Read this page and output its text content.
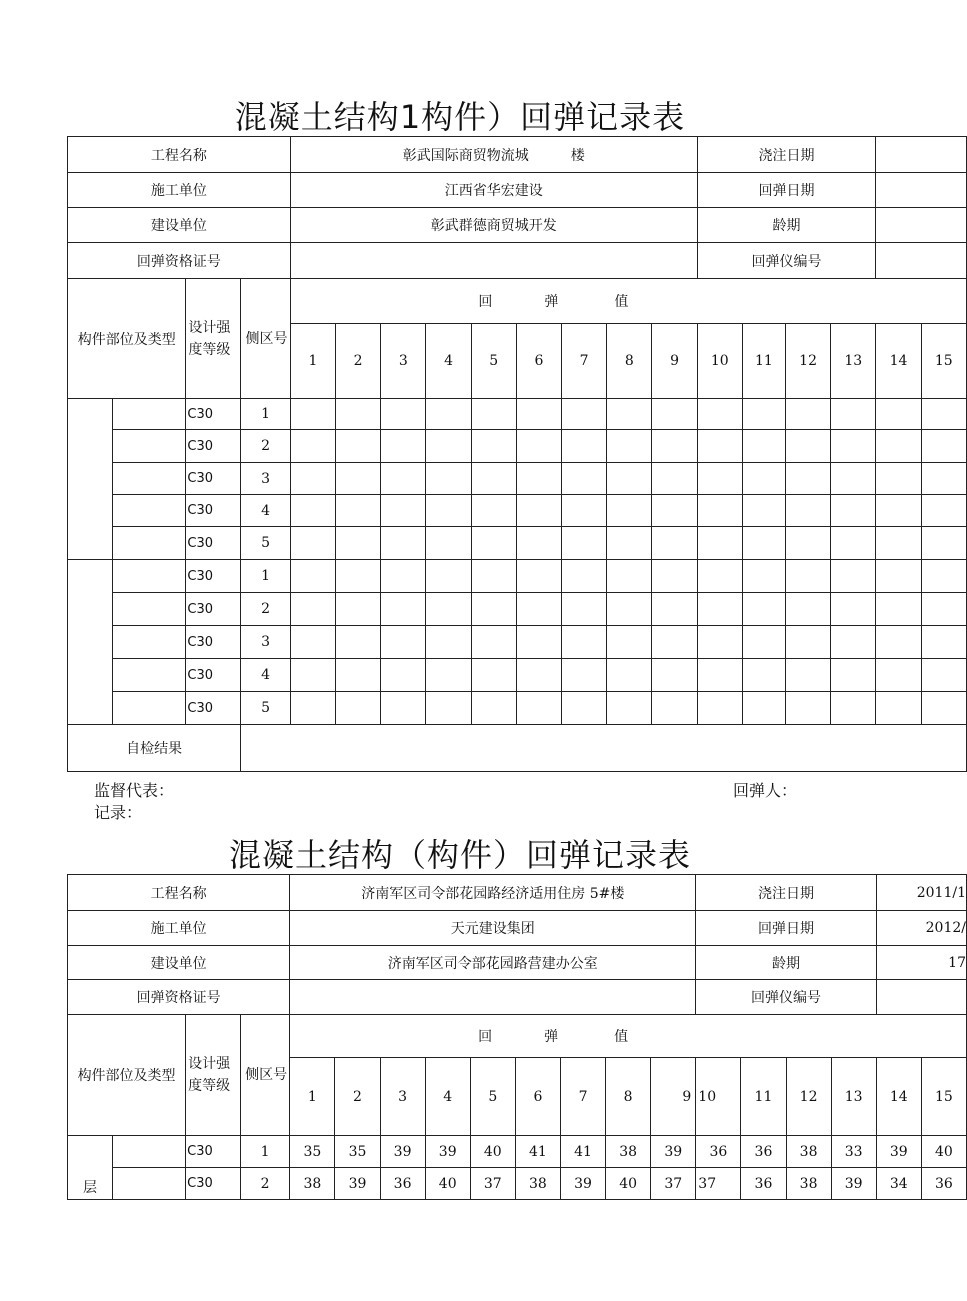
混凝土结构1构件）回弹记录表
工程名称				彰武国际商贸物流城　　　楼									浇注日期					
施工单位				江西省华宏建设									回弹日期					
建设单位				彰武群德商贸城开发									龄期					
回弹资格证号													回弹仪编号					
构件部位及类型		设计强度等级	侧区号	回 弹 值														
				1	2	3	4	5	6	7	8	9	10	11	12	13	14	15
		C30	1															
		C30	2															
		C30	3															
		C30	4															
		C30	5															
		C30	1															
		C30	2															
		C30	3															
		C30	4															
		C30	5															
自检结果																		
监督代表：	回弹人：
记录：
混凝土结构（构件）回弹记录表
工程名称				济南军区司令部花园路经济适用住房 5#楼									浇注日期				2011/1	
施工单位				天元建设集团									回弹日期				2012/	
建设单位				济南军区司令部花园路营建办公室									龄期				17	
回弹资格证号													回弹仪编号					
构件部位及类型		设计强度等级	侧区号	回 弹 值														
				1	2	3	4	5	6	7	8	9	10	11	12	13	14	15
层		C30	1	35	35	39	39	40	41	41	38	39	36	36	38	33	39	40
		C30	2	38	39	36	40	37	38	39	40	37	37	36	38	39	34	36
